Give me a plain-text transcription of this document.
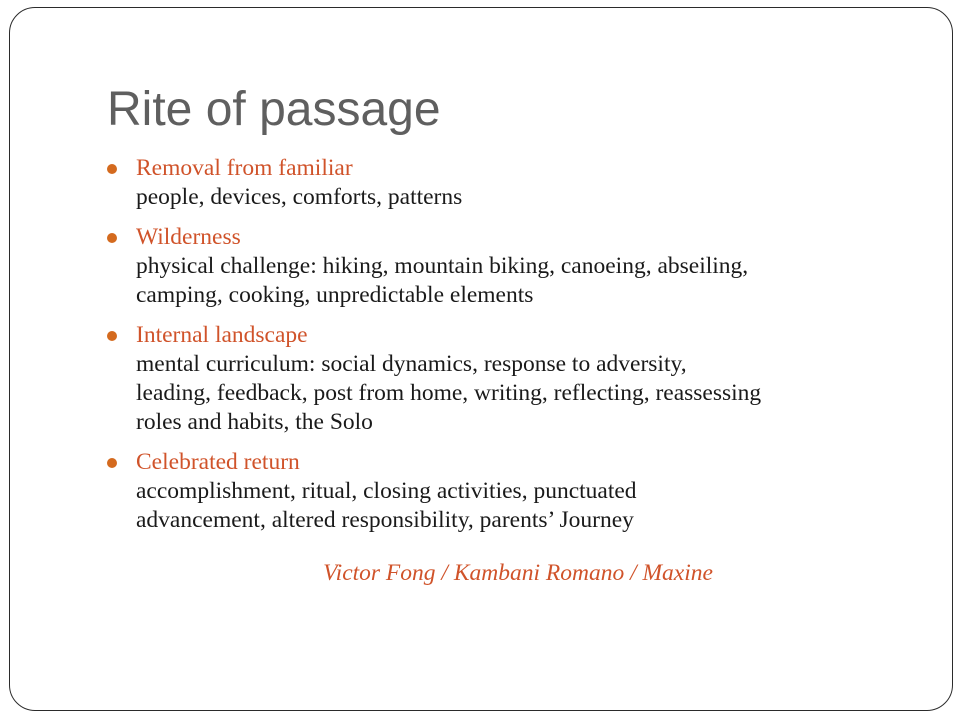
Rite of passage
Removal from familiar
people, devices, comforts, patterns
Wilderness
physical challenge: hiking, mountain biking, canoeing, abseiling,
camping, cooking, unpredictable elements
Internal landscape
mental curriculum: social dynamics, response to adversity,
leading, feedback, post from home, writing, reflecting, reassessing
roles and habits, the Solo
Celebrated return
accomplishment, ritual, closing activities, punctuated
advancement, altered responsibility, parents’ Journey
Victor Fong / Kambani Romano / Maxine
